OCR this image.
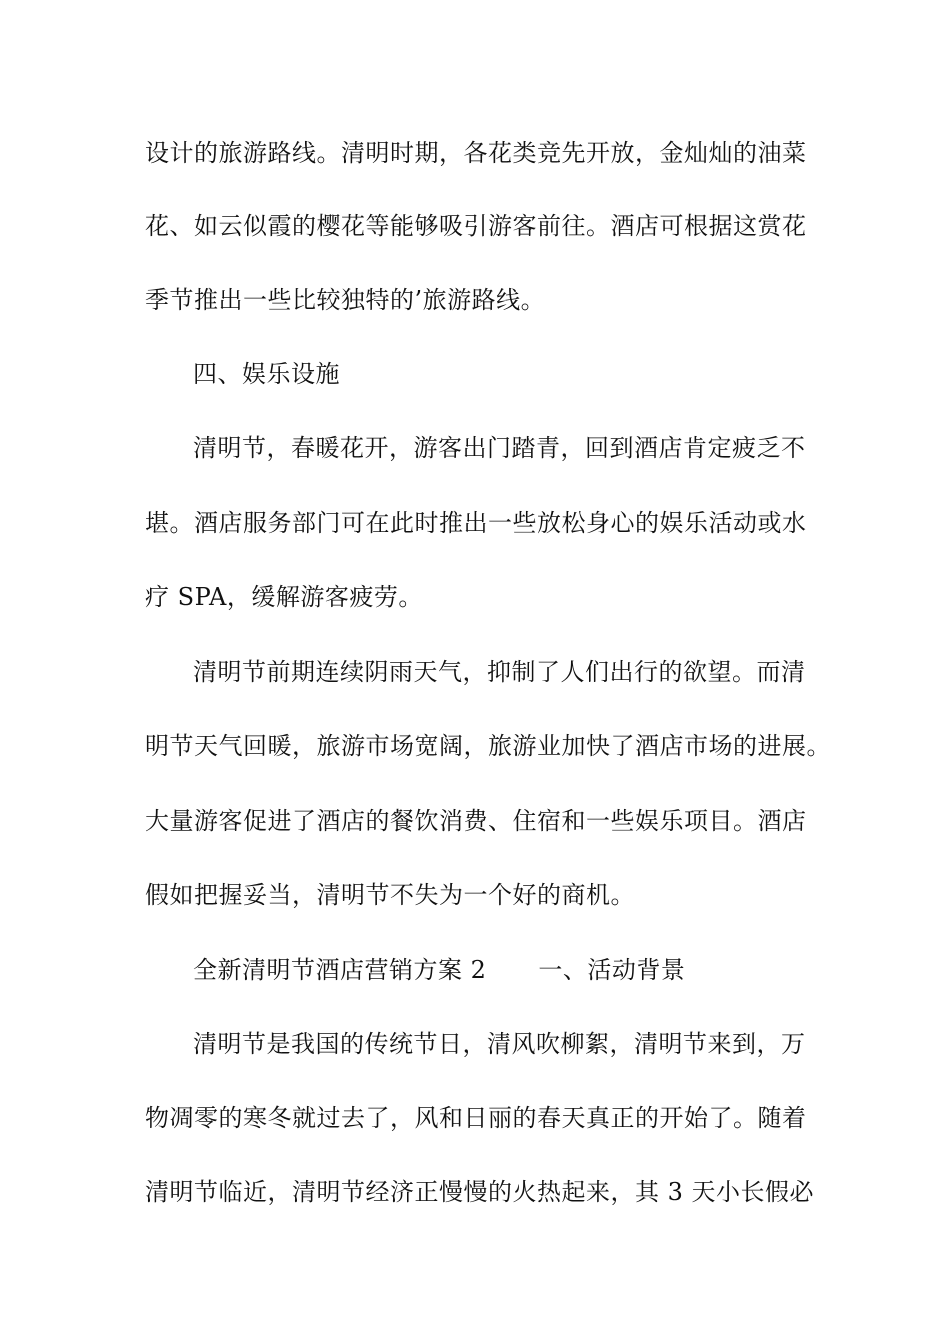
设计的旅游路线。清明时期，各花类竞先开放，金灿灿的油菜
花、如云似霞的樱花等能够吸引游客前往。酒店可根据这赏花
季节推出一些比较独特的’旅游路线。
四、娱乐设施
清明节，春暖花开，游客出门踏青，回到酒店肯定疲乏不
堪。酒店服务部门可在此时推出一些放松身心的娱乐活动或水
疗 SPA，缓解游客疲劳。
清明节前期连续阴雨天气，抑制了人们出行的欲望。而清
明节天气回暖，旅游市场宽阔，旅游业加快了酒店市场的进展。
大量游客促进了酒店的餐饮消费、住宿和一些娱乐项目。酒店
假如把握妥当，清明节不失为一个好的商机。
全新清明节酒店营销方案 2 一、活动背景
清明节是我国的传统节日，清风吹柳絮，清明节来到，万
物凋零的寒冬就过去了，风和日丽的春天真正的开始了。随着
清明节临近，清明节经济正慢慢的火热起来，其 3 天小长假必
